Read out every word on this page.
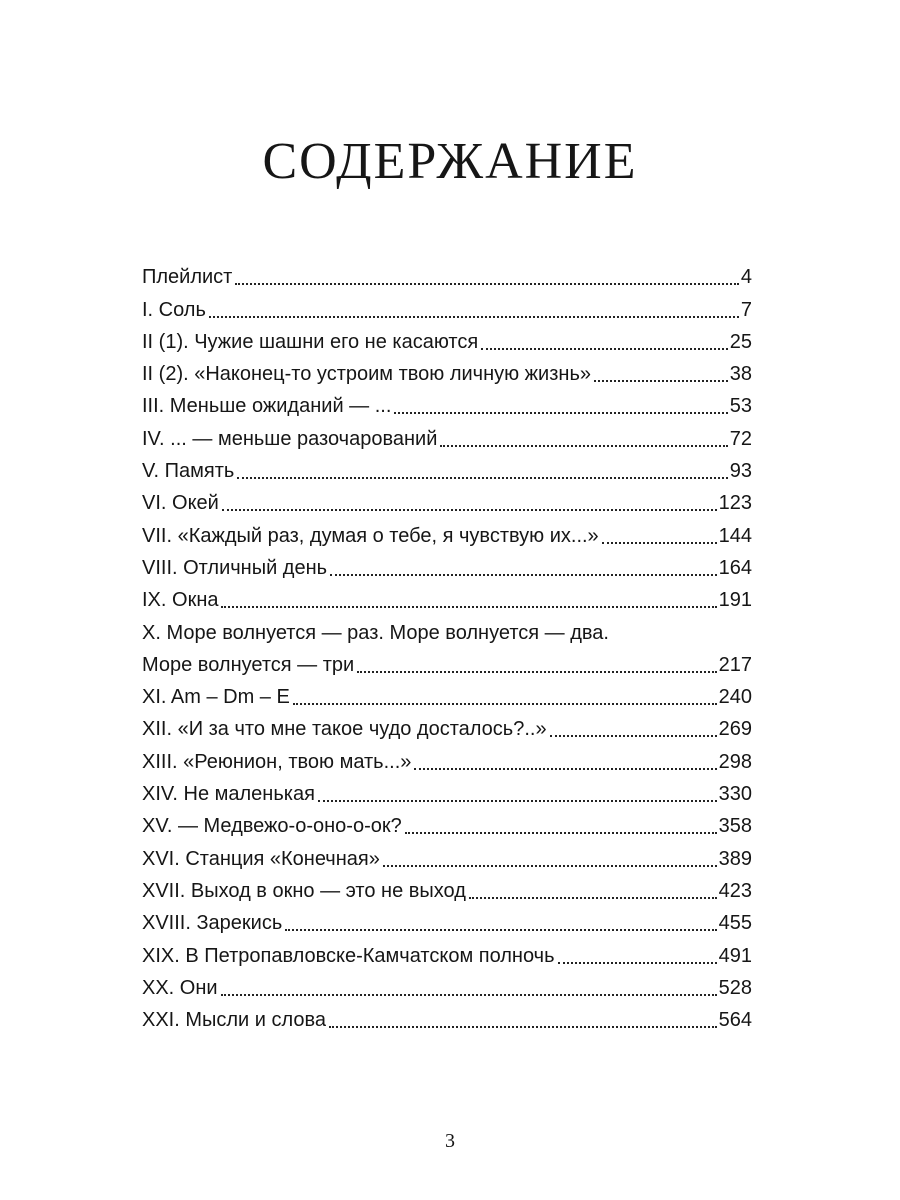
СОДЕРЖАНИЕ
Плейлист	4
I. Соль	7
II (1). Чужие шашни его не касаются	25
II (2). «Наконец-то устроим твою личную жизнь»	38
III. Меньше ожиданий — ...	53
IV. ... — меньше разочарований	72
V. Память	93
VI. Окей	123
VII. «Каждый раз, думая о тебе, я чувствую их...»	144
VIII. Отличный день	164
IX. Окна	191
X. Море волнуется — раз. Море волнуется — два.
Море волнуется — три	217
XI. Am – Dm – E	240
XII. «И за что мне такое чудо досталось?..»	269
XIII. «Реюнион, твою мать...»	298
XIV. Не маленькая	330
XV. — Медвежо-о-оно-о-ок?	358
XVI. Станция «Конечная»	389
XVII. Выход в окно — это не выход	423
XVIII. Зарекись	455
XIX. В Петропавловске-Камчатском полночь	491
XX. Они	528
XXI. Мысли и слова	564
3
